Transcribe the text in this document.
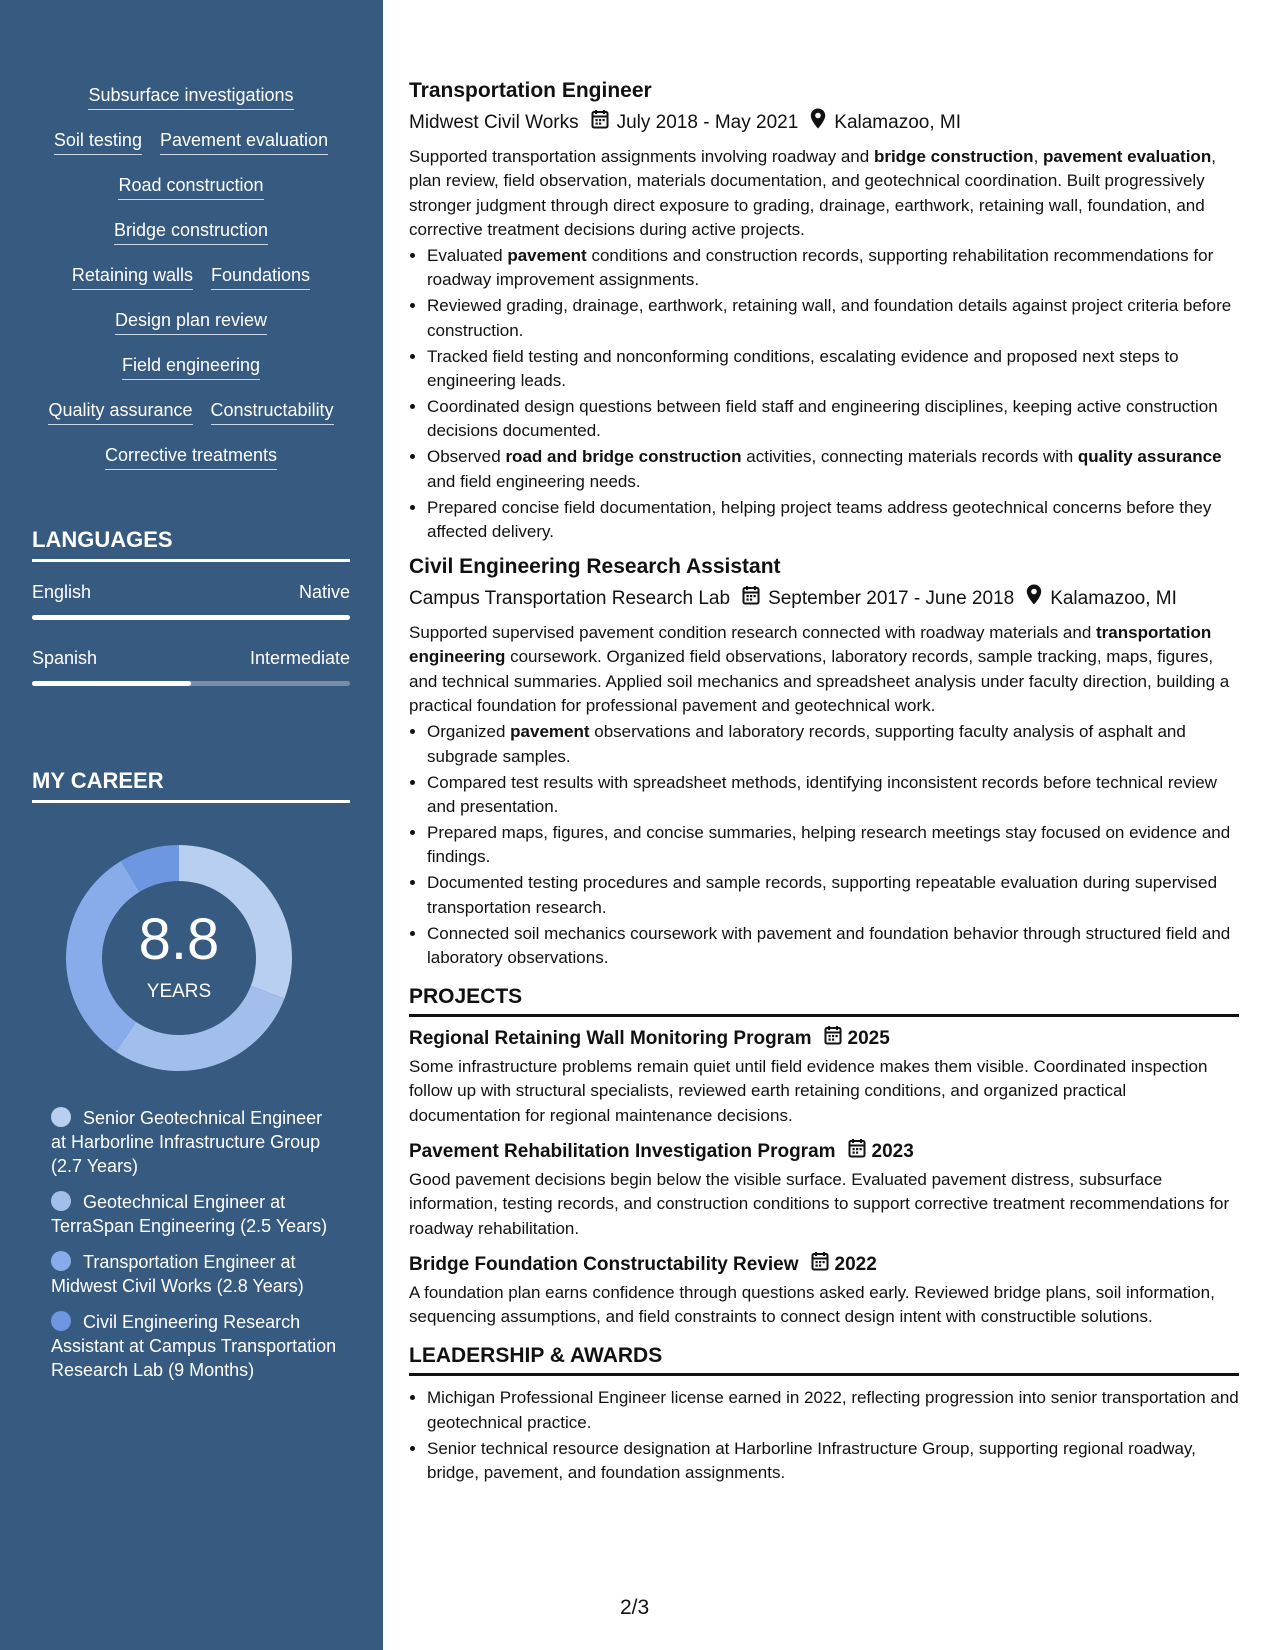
Subsurface investigations
Soil testing Pavement evaluation
Road construction
Bridge construction
Retaining walls Foundations
Design plan review
Field engineering
Quality assurance Constructability
Corrective treatments
LANGUAGES
English	Native
Spanish	Intermediate
MY CAREER
8.8
YEARS
Senior Geotechnical Engineer at Harborline Infrastructure Group (2.7 Years)
Geotechnical Engineer at TerraSpan Engineering (2.5 Years)
Transportation Engineer at Midwest Civil Works (2.8 Years)
Civil Engineering Research Assistant at Campus Transportation Research Lab (9 Months)
Transportation Engineer
Midwest Civil Works July 2018 - May 2021 Kalamazoo, MI
Supported transportation assignments involving roadway and bridge construction, pavement evaluation, plan review, field observation, materials documentation, and geotechnical coordination. Built progressively stronger judgment through direct exposure to grading, drainage, earthwork, retaining wall, foundation, and corrective treatment decisions during active projects.
• Evaluated pavement conditions and construction records, supporting rehabilitation recommendations for roadway improvement assignments.
• Reviewed grading, drainage, earthwork, retaining wall, and foundation details against project criteria before construction.
• Tracked field testing and nonconforming conditions, escalating evidence and proposed next steps to engineering leads.
• Coordinated design questions between field staff and engineering disciplines, keeping active construction decisions documented.
• Observed road and bridge construction activities, connecting materials records with quality assurance and field engineering needs.
• Prepared concise field documentation, helping project teams address geotechnical concerns before they affected delivery.
Civil Engineering Research Assistant
Campus Transportation Research Lab September 2017 - June 2018 Kalamazoo, MI
Supported supervised pavement condition research connected with roadway materials and transportation engineering coursework. Organized field observations, laboratory records, sample tracking, maps, figures, and technical summaries. Applied soil mechanics and spreadsheet analysis under faculty direction, building a practical foundation for professional pavement and geotechnical work.
• Organized pavement observations and laboratory records, supporting faculty analysis of asphalt and subgrade samples.
• Compared test results with spreadsheet methods, identifying inconsistent records before technical review and presentation.
• Prepared maps, figures, and concise summaries, helping research meetings stay focused on evidence and findings.
• Documented testing procedures and sample records, supporting repeatable evaluation during supervised transportation research.
• Connected soil mechanics coursework with pavement and foundation behavior through structured field and laboratory observations.
PROJECTS
Regional Retaining Wall Monitoring Program 2025
Some infrastructure problems remain quiet until field evidence makes them visible. Coordinated inspection follow up with structural specialists, reviewed earth retaining conditions, and organized practical documentation for regional maintenance decisions.
Pavement Rehabilitation Investigation Program 2023
Good pavement decisions begin below the visible surface. Evaluated pavement distress, subsurface information, testing records, and construction conditions to support corrective treatment recommendations for roadway rehabilitation.
Bridge Foundation Constructability Review 2022
A foundation plan earns confidence through questions asked early. Reviewed bridge plans, soil information, sequencing assumptions, and field constraints to connect design intent with constructible solutions.
LEADERSHIP & AWARDS
• Michigan Professional Engineer license earned in 2022, reflecting progression into senior transportation and geotechnical practice.
• Senior technical resource designation at Harborline Infrastructure Group, supporting regional roadway, bridge, pavement, and foundation assignments.
2/3
